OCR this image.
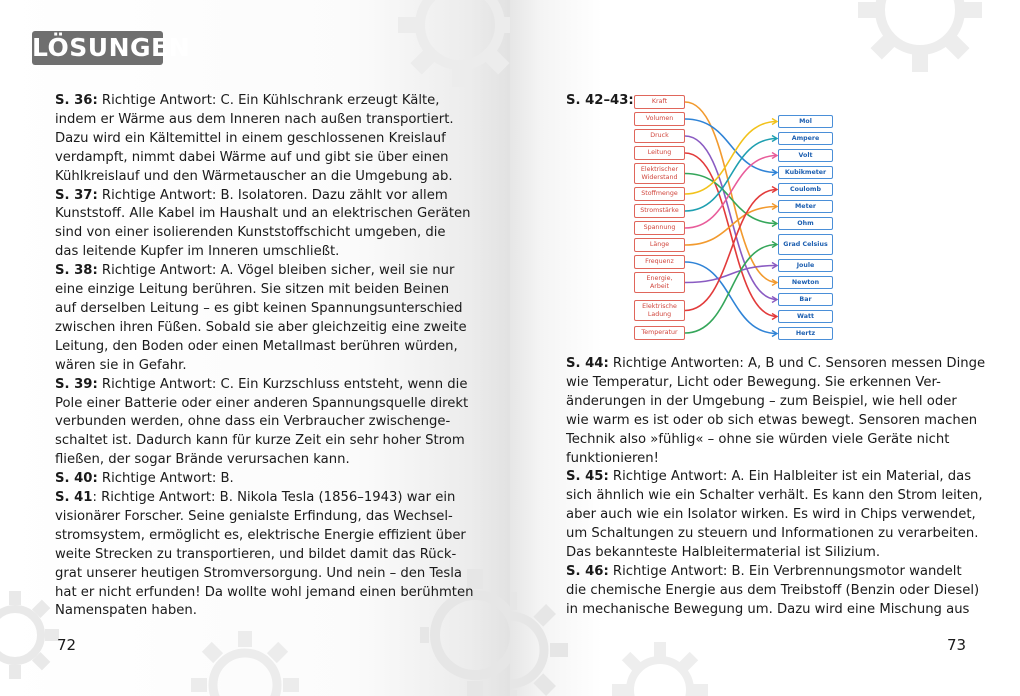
LÖSUNGEN
S. 36: Richtige Antwort: C. Ein Kühlschrank erzeugt Kälte,
indem er Wärme aus dem Inneren nach außen transportiert.
Dazu wird ein Kältemittel in einem geschlossenen Kreislauf
verdampft, nimmt dabei Wärme auf und gibt sie über einen
Kühlkreislauf und den Wärmetauscher an die Umgebung ab.
S. 37: Richtige Antwort: B. Isolatoren. Dazu zählt vor allem
Kunststoff. Alle Kabel im Haushalt und an elektrischen Geräten
sind von einer isolierenden Kunststoffschicht umgeben, die
das leitende Kupfer im Inneren umschließt.
S. 38: Richtige Antwort: A. Vögel bleiben sicher, weil sie nur
eine einzige Leitung berühren. Sie sitzen mit beiden Beinen
auf derselben Leitung – es gibt keinen Spannungsunterschied
zwischen ihren Füßen. Sobald sie aber gleichzeitig eine zweite
Leitung, den Boden oder einen Metallmast berühren würden,
wären sie in Gefahr.
S. 39: Richtige Antwort: C. Ein Kurzschluss entsteht, wenn die
Pole einer Batterie oder einer anderen Spannungsquelle direkt
verbunden werden, ohne dass ein Verbraucher zwischenge-
schaltet ist. Dadurch kann für kurze Zeit ein sehr hoher Strom
fließen, der sogar Brände verursachen kann.
S. 40: Richtige Antwort: B.
S. 41: Richtige Antwort: B. Nikola Tesla (1856–1943) war ein
visionärer Forscher. Seine genialste Erfindung, das Wechsel-
stromsystem, ermöglicht es, elektrische Energie effizient über
weite Strecken zu transportieren, und bildet damit das Rück-
grat unserer heutigen Stromversorgung. Und nein – den Tesla
hat er nicht erfunden! Da wollte wohl jemand einen berühmten
Namenspaten haben.
72
S. 42–43:	Kraft
Volumen
Druck
Leitung
Elektrischer Widerstand
Stoffmenge
Stromstärke
Spannung
Länge
Frequenz
Energie, Arbeit
Elektrische Ladung
Temperatur
Mol
Ampere
Volt
Kubikmeter
Coulomb
Meter
Ohm
Grad Celsius
Joule
Newton
Bar
Watt
Hertz
S. 44: Richtige Antworten: A, B und C. Sensoren messen Dinge
wie Temperatur, Licht oder Bewegung. Sie erkennen Ver-
änderungen in der Umgebung – zum Beispiel, wie hell oder
wie warm es ist oder ob sich etwas bewegt. Sensoren machen
Technik also »fühlig« – ohne sie würden viele Geräte nicht
funktionieren!
S. 45: Richtige Antwort: A. Ein Halbleiter ist ein Material, das
sich ähnlich wie ein Schalter verhält. Es kann den Strom leiten,
aber auch wie ein Isolator wirken. Es wird in Chips verwendet,
um Schaltungen zu steuern und Informationen zu verarbeiten.
Das bekannteste Halbleitermaterial ist Silizium.
S. 46: Richtige Antwort: B. Ein Verbrennungsmotor wandelt
die chemische Energie aus dem Treibstoff (Benzin oder Diesel)
in mechanische Bewegung um. Dazu wird eine Mischung aus
73
